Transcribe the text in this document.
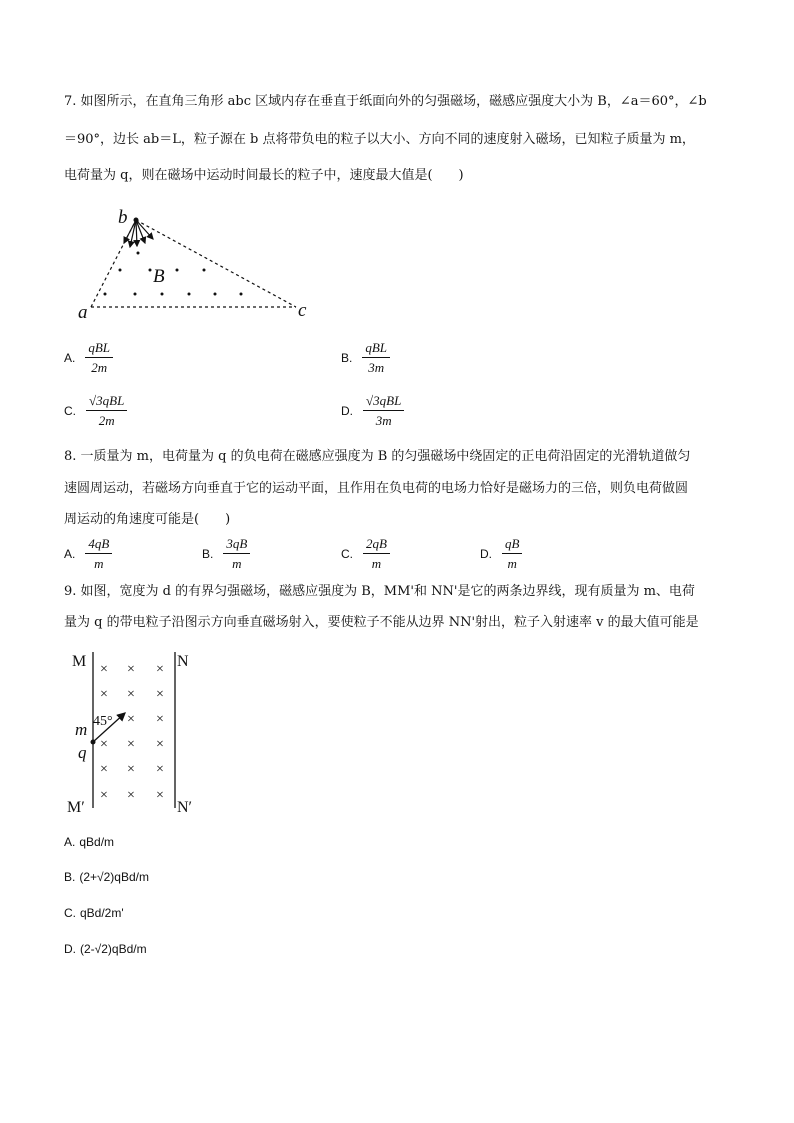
7. 如图所示，在直角三角形 abc 区域内存在垂直于纸面向外的匀强磁场，磁感应强度大小为 B，∠a＝60°，∠b
＝90°，边长 ab＝L，粒子源在 b 点将带负电的粒子以大小、方向不同的速度射入磁场，已知粒子质量为 m，
电荷量为 q，则在磁场中运动时间最长的粒子中，速度最大值是(　　)
b
B
a	c
A. $\frac{\text{qBL}}{2m}$	B. $\frac{\text{qBL}}{3m}$
C. $\frac{\text{√3qBL}}{2m}$	D. $\frac{\text{√3qBL}}{3m}$
8. 一质量为 m，电荷量为 q 的负电荷在磁感应强度为 B 的匀强磁场中绕固定的正电荷沿固定的光滑轨道做匀
速圆周运动，若磁场方向垂直于它的运动平面，且作用在负电荷的电场力恰好是磁场力的三倍，则负电荷做圆
周运动的角速度可能是(　　)
A. $\frac{4qB}{m}$	B. $\frac{3qB}{m}$	C. $\frac{2qB}{m}$	D. $\frac{qB}{m}$
9. 如图，宽度为 d 的有界匀强磁场，磁感应强度为 B，MM'和 NN'是它的两条边界线，现有质量为 m、电荷
量为 q 的带电粒子沿图示方向垂直磁场射入，要使粒子不能从边界 NN'射出，粒子入射速率 v 的最大值可能是
M	N
M′	N′
× × ×
× × ×
× ×
× × ×
× × ×
× × ×
45°
m
q
A. qBd/m
B. (2+√2)qBd/m
C. qBd/2m'
D. (2-√2)qBd/m
